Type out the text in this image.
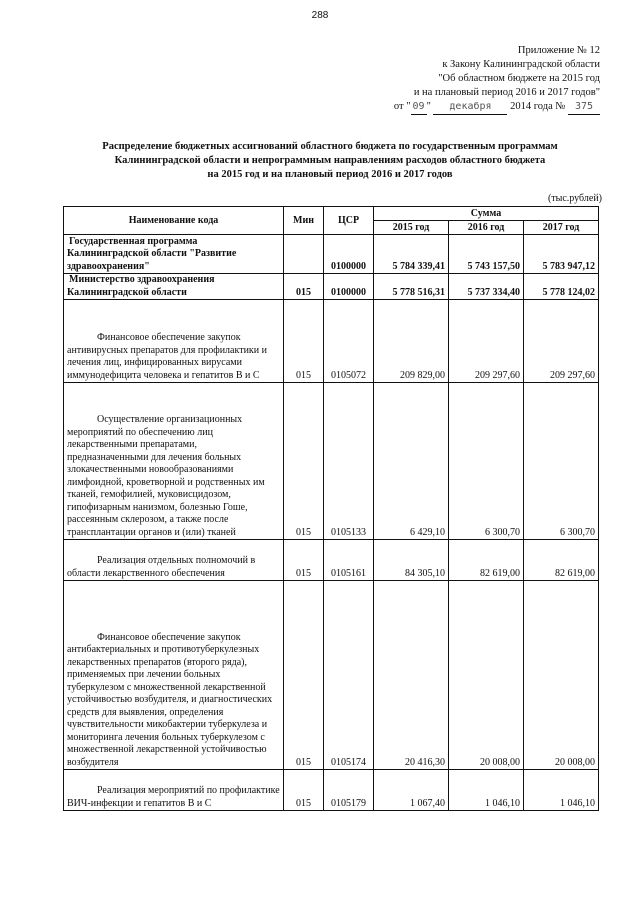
288
Приложение № 12
к Закону Калининградской области
"Об областном бюджете на 2015 год
и на плановый период 2016 и 2017 годов"
от " 09 " декабря 2014 года № 375
Распределение бюджетных ассигнований областного бюджета по государственным программам
Калининградской области и непрограммным направлениям расходов областного бюджета
на 2015 год и на плановый период 2016 и 2017 годов
(тыс.рублей)
Наименование кода	Мин	ЦСР	Сумма		
			2015 год	2016 год	2017 год
Государственная программа Калининградской области "Развитие здравоохранения"		0100000	5 784 339,41	5 743 157,50	5 783 947,12
Министерство здравоохранения Калининградской области	015	0100000	5 778 516,31	5 737 334,40	5 778 124,02

Финансовое обеспечение закупок антивирусных препаратов для профилактики и лечения лиц, инфицированных вирусами иммунодефицита человека и гепатитов В и С	015	0105072	209 829,00	209 297,60	209 297,60

Осуществление организационных мероприятий по обеспечению лиц лекарственными препаратами, предназначенными для лечения больных злокачественными новообразованиями лимфоидной, кроветворной и родственных им тканей, гемофилией, муковисцидозом, гипофизарным нанизмом, болезнью Гоше, рассеянным склерозом, а также после трансплантации органов и (или) тканей	015	0105133	6 429,10	6 300,70	6 300,70

Реализация отдельных полномочий в области лекарственного обеспечения	015	0105161	84 305,10	82 619,00	82 619,00

Финансовое обеспечение закупок антибактериальных и противотуберкулезных лекарственных препаратов (второго ряда), применяемых при лечении больных туберкулезом с множественной лекарственной устойчивостью возбудителя, и диагностических средств для выявления, определения чувствительности микобактерии туберкулеза и мониторинга лечения больных туберкулезом с множественной лекарственной устойчивостью возбудителя	015	0105174	20 416,30	20 008,00	20 008,00

Реализация мероприятий по профилактике ВИЧ-инфекции и гепатитов В и С	015	0105179	1 067,40	1 046,10	1 046,10
